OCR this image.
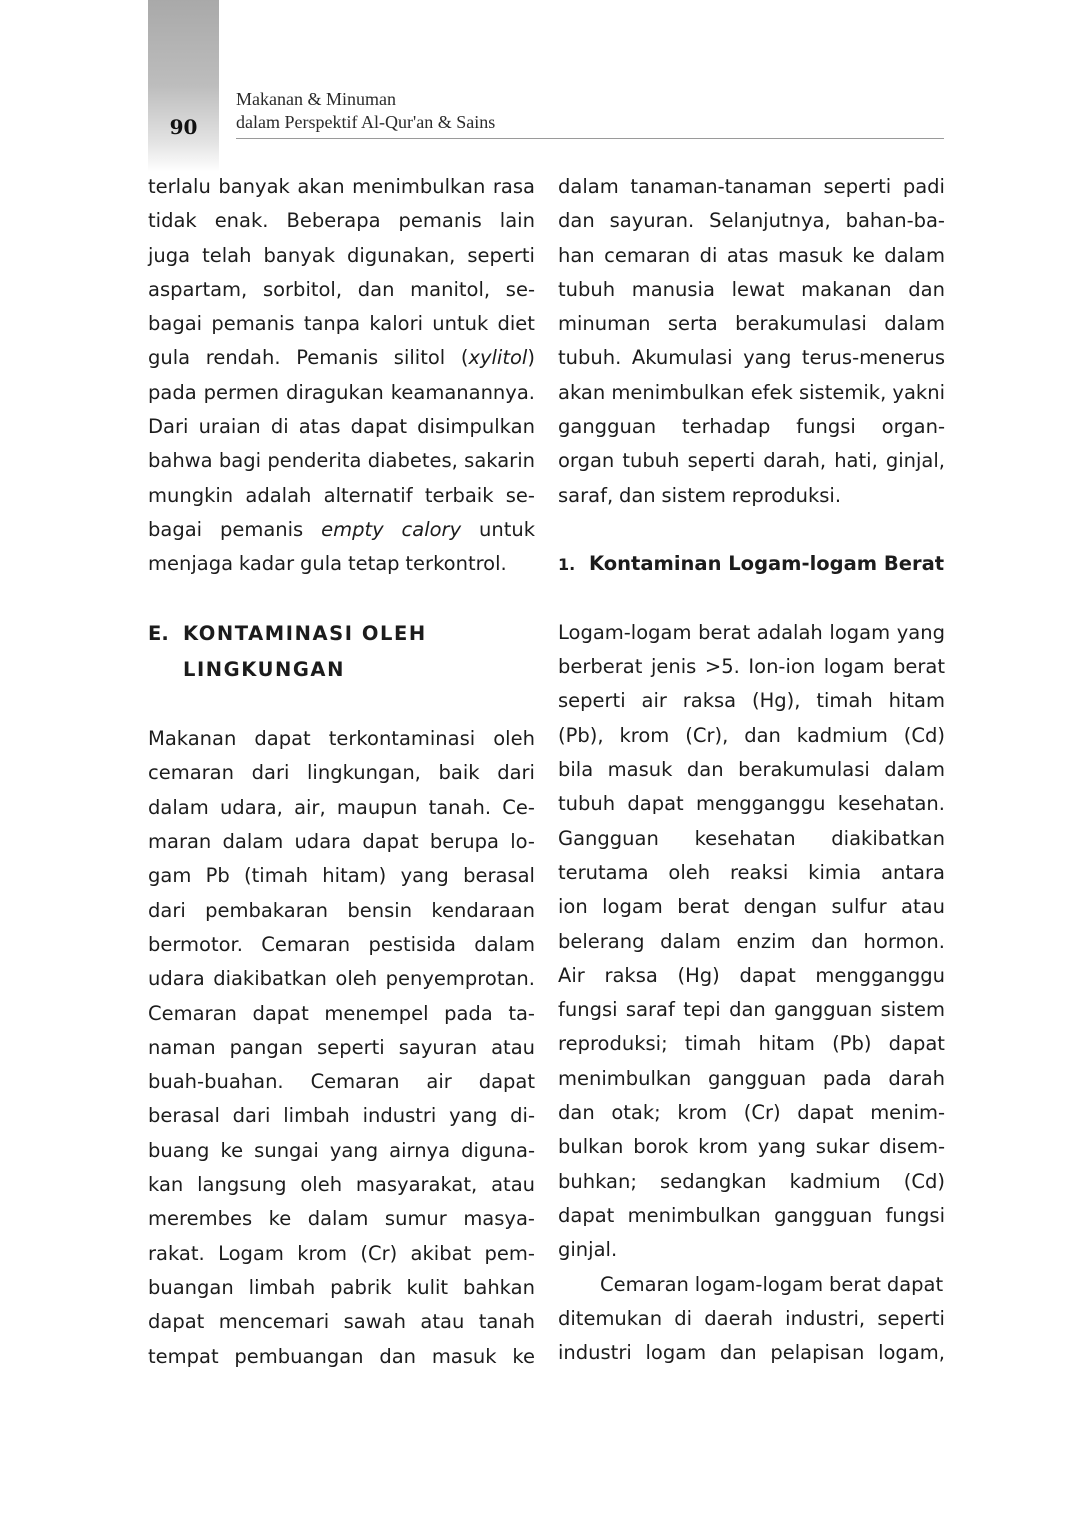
90
Makanan & Minuman
dalam Perspektif Al-Qur'an & Sains
terlalu banyak akan menimbulkan rasa
tidak enak. Beberapa pemanis lain
juga telah banyak digunakan, seperti
aspartam, sorbitol, dan manitol, se-
bagai pemanis tanpa kalori untuk diet
gula rendah. Pemanis silitol (xylitol)
pada permen diragukan keamanannya.
Dari uraian di atas dapat disimpulkan
bahwa bagi penderita diabetes, sakarin
mungkin adalah alternatif terbaik se-
bagai pemanis empty calory untuk
menjaga kadar gula tetap terkontrol.
E. KONTAMINASI OLEH
LINGKUNGAN
Makanan dapat terkontaminasi oleh
cemaran dari lingkungan, baik dari
dalam udara, air, maupun tanah. Ce-
maran dalam udara dapat berupa lo-
gam Pb (timah hitam) yang berasal
dari pembakaran bensin kendaraan
bermotor. Cemaran pestisida dalam
udara diakibatkan oleh penyemprotan.
Cemaran dapat menempel pada ta-
naman pangan seperti sayuran atau
buah-buahan. Cemaran air dapat
berasal dari limbah industri yang di-
buang ke sungai yang airnya diguna-
kan langsung oleh masyarakat, atau
merembes ke dalam sumur masya-
rakat. Logam krom (Cr) akibat pem-
buangan limbah pabrik kulit bahkan
dapat mencemari sawah atau tanah
tempat pembuangan dan masuk ke
dalam tanaman-tanaman seperti padi
dan sayuran. Selanjutnya, bahan-ba-
han cemaran di atas masuk ke dalam
tubuh manusia lewat makanan dan
minuman serta berakumulasi dalam
tubuh. Akumulasi yang terus-menerus
akan menimbulkan efek sistemik, yakni
gangguan terhadap fungsi organ-
organ tubuh seperti darah, hati, ginjal,
saraf, dan sistem reproduksi.
1. Kontaminan Logam-logam Berat
Logam-logam berat adalah logam yang
berberat jenis >5. Ion-ion logam berat
seperti air raksa (Hg), timah hitam
(Pb), krom (Cr), dan kadmium (Cd)
bila masuk dan berakumulasi dalam
tubuh dapat mengganggu kesehatan.
Gangguan kesehatan diakibatkan
terutama oleh reaksi kimia antara
ion logam berat dengan sulfur atau
belerang dalam enzim dan hormon.
Air raksa (Hg) dapat mengganggu
fungsi saraf tepi dan gangguan sistem
reproduksi; timah hitam (Pb) dapat
menimbulkan gangguan pada darah
dan otak; krom (Cr) dapat menim-
bulkan borok krom yang sukar disem-
buhkan; sedangkan kadmium (Cd)
dapat menimbulkan gangguan fungsi
ginjal.
Cemaran logam-logam berat dapat
ditemukan di daerah industri, seperti
industri logam dan pelapisan logam,
